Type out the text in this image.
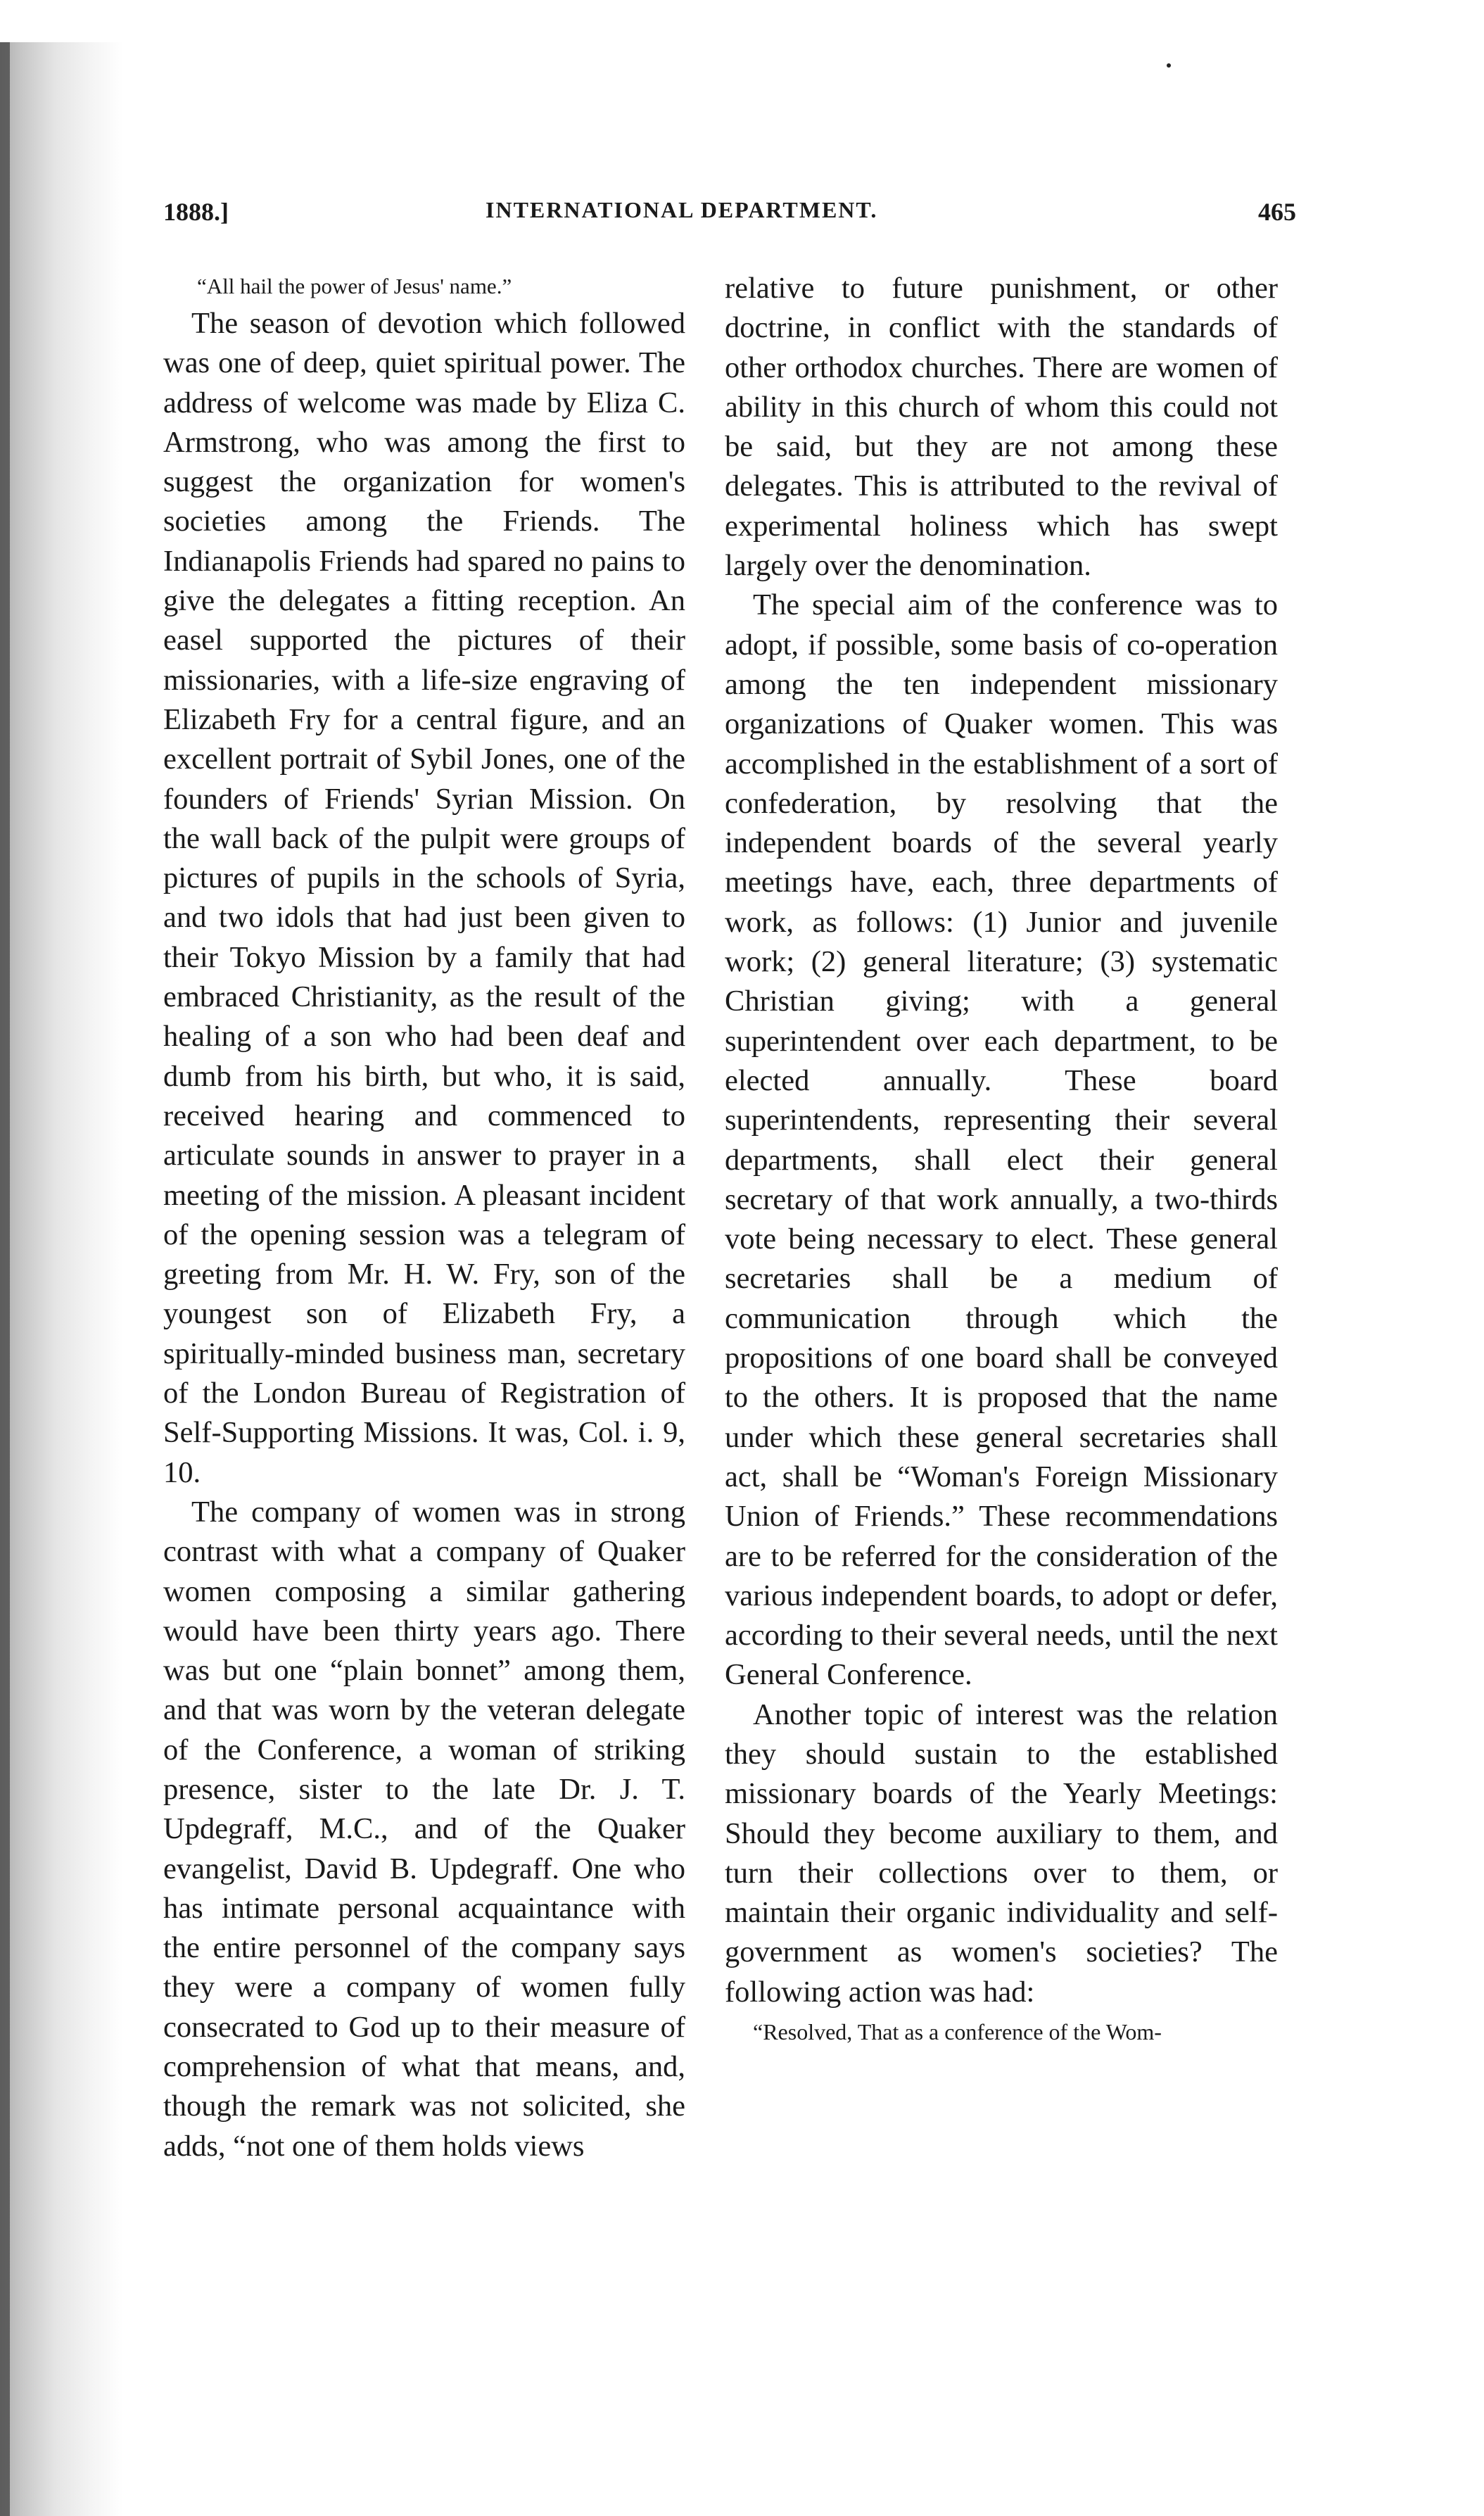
1888.]	INTERNATIONAL DEPARTMENT.	465

“All hail the power of Jesus' name.”

The season of devotion which followed was one of deep, quiet spiritual power. The address of welcome was made by Eliza C. Armstrong, who was among the first to suggest the organization for women's societies among the Friends. The Indianapolis Friends had spared no pains to give the delegates a fitting reception. An easel supported the pictures of their missionaries, with a life-size engraving of Elizabeth Fry for a central figure, and an excellent portrait of Sybil Jones, one of the founders of Friends' Syrian Mission. On the wall back of the pulpit were groups of pictures of pupils in the schools of Syria, and two idols that had just been given to their Tokyo Mission by a family that had embraced Christianity, as the result of the healing of a son who had been deaf and dumb from his birth, but who, it is said, received hearing and commenced to articulate sounds in answer to prayer in a meeting of the mission. A pleasant incident of the opening session was a telegram of greeting from Mr. H. W. Fry, son of the youngest son of Elizabeth Fry, a spiritually-minded business man, secretary of the London Bureau of Registration of Self-Supporting Missions. It was, Col. i. 9, 10.

The company of women was in strong contrast with what a company of Quaker women composing a similar gathering would have been thirty years ago. There was but one “plain bonnet” among them, and that was worn by the veteran delegate of the Conference, a woman of striking presence, sister to the late Dr. J. T. Updegraff, M.C., and of the Quaker evangelist, David B. Updegraff. One who has intimate personal acquaintance with the entire personnel of the company says they were a company of women fully consecrated to God up to their measure of comprehension of what that means, and, though the remark was not solicited, she adds, “not one of them holds views

relative to future punishment, or other doctrine, in conflict with the standards of other orthodox churches. There are women of ability in this church of whom this could not be said, but they are not among these delegates. This is attributed to the revival of experimental holiness which has swept largely over the denomination.

The special aim of the conference was to adopt, if possible, some basis of co-operation among the ten independent missionary organizations of Quaker women. This was accomplished in the establishment of a sort of confederation, by resolving that the independent boards of the several yearly meetings have, each, three departments of work, as follows: (1) Junior and juvenile work; (2) general literature; (3) systematic Christian giving; with a general superintendent over each department, to be elected annually. These board superintendents, representing their several departments, shall elect their general secretary of that work annually, a two-thirds vote being necessary to elect. These general secretaries shall be a medium of communication through which the propositions of one board shall be conveyed to the others. It is proposed that the name under which these general secretaries shall act, shall be “Woman's Foreign Missionary Union of Friends.” These recommendations are to be referred for the consideration of the various independent boards, to adopt or defer, according to their several needs, until the next General Conference.

Another topic of interest was the relation they should sustain to the established missionary boards of the Yearly Meetings: Should they become auxiliary to them, and turn their collections over to them, or maintain their organic individuality and self-government as women's societies? The following action was had:

“Resolved, That as a conference of the Wom-
